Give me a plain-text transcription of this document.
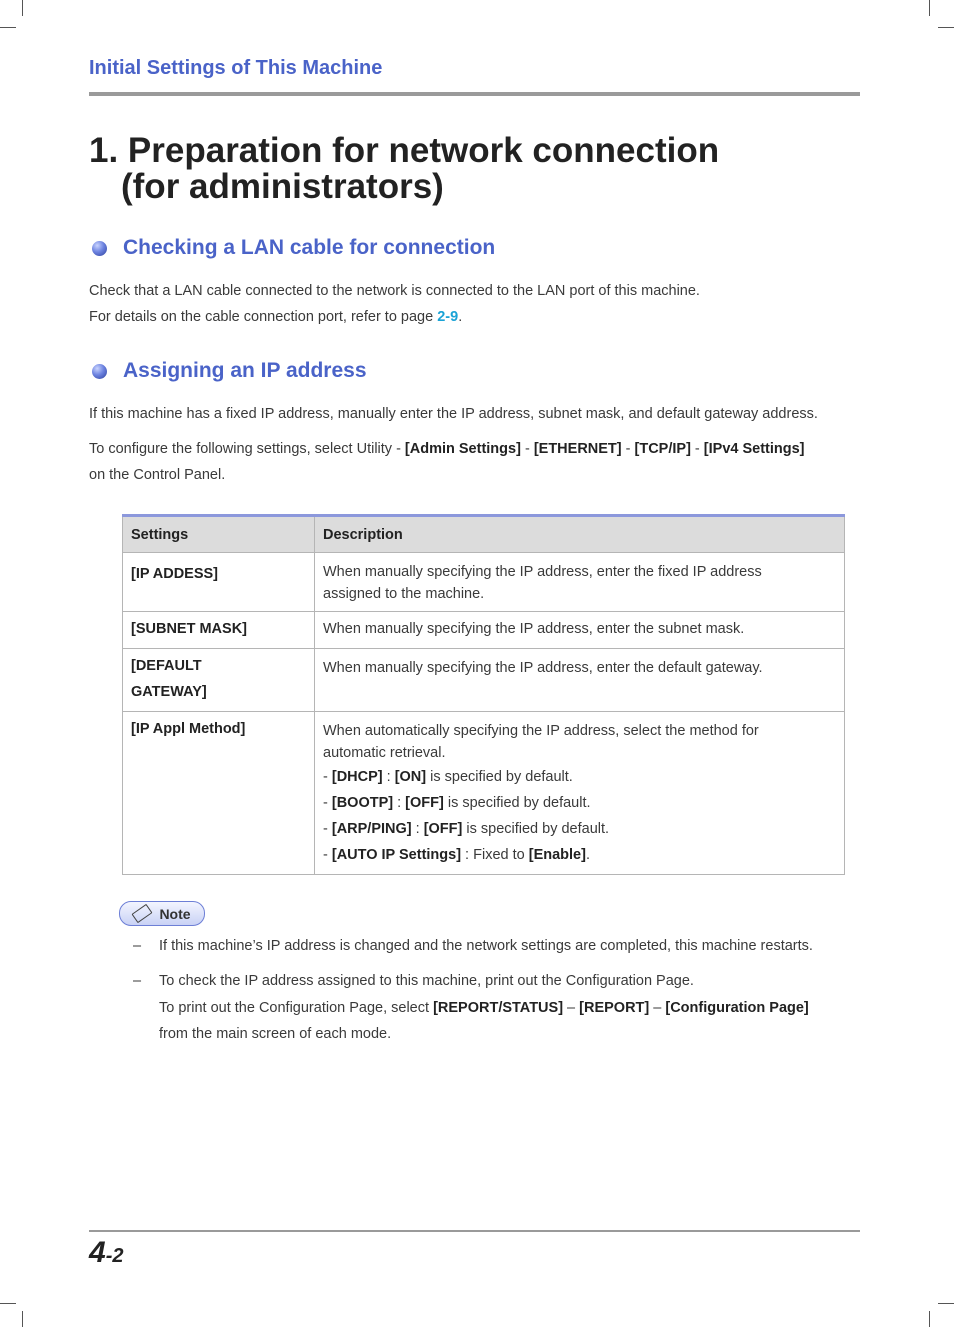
Initial Settings of This Machine
1. Preparation for network connection
(for administrators)
Checking a LAN cable for connection

Check that a LAN cable connected to the network is connected to the LAN port of this machine.
For details on the cable connection port, refer to page 2-9.

Assigning an IP address

If this machine has a fixed IP address, manually enter the IP address, subnet mask, and default gateway address.

To configure the following settings, select Utility - [Admin Settings] - [ETHERNET] - [TCP/IP] - [IPv4 Settings]
on the Control Panel.

Settings	Description
[IP ADDESS]	When manually specifying the IP address, enter the fixed IP address assigned to the machine.
[SUBNET MASK]	When manually specifying the IP address, enter the subnet mask.
[DEFAULT GATEWAY]	When manually specifying the IP address, enter the default gateway.
[IP Appl Method]	When automatically specifying the IP address, select the method for automatic retrieval.
- [DHCP] : [ON] is specified by default.
- [BOOTP] : [OFF] is specified by default.
- [ARP/PING] : [OFF] is specified by default.
- [AUTO IP Settings] : Fixed to [Enable].
Note

– If this machine’s IP address is changed and the network settings are completed, this machine restarts.

– To check the IP address assigned to this machine, print out the Configuration Page.
To print out the Configuration Page, select [REPORT/STATUS] – [REPORT] – [Configuration Page]
from the main screen of each mode.

4-2
